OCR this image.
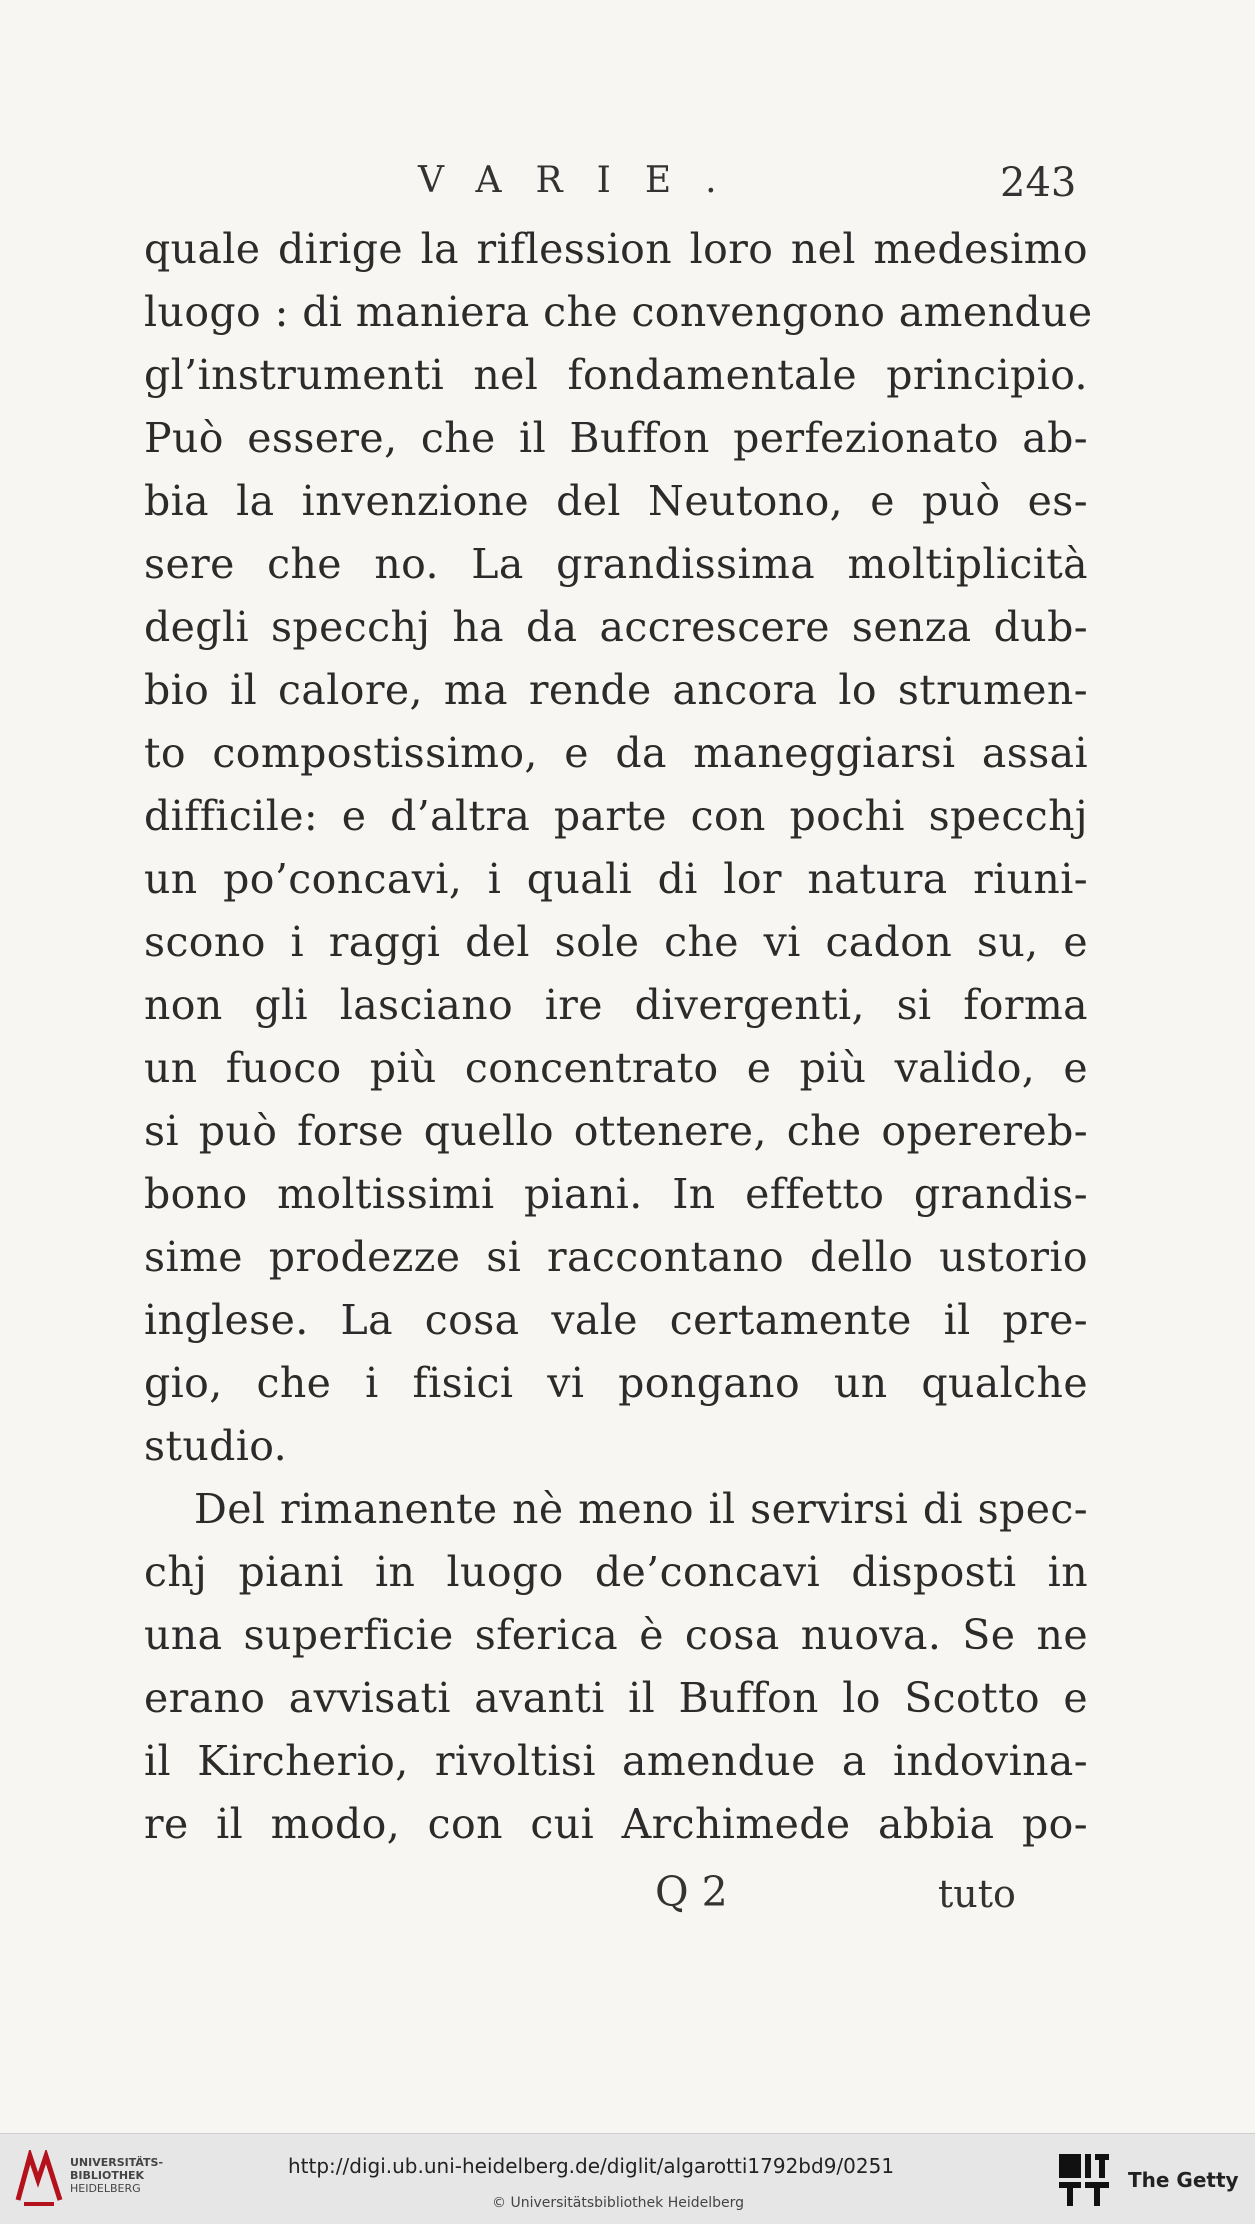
VARIE.	243
quale dirige la riflession loro nel medesimo
luogo : di maniera che convengono amendue
gl’instrumenti nel fondamentale principio.
Può essere, che il Buffon perfezionato ab-
bia la invenzione del Neutono, e può es-
sere che no. La grandissima moltiplicità
degli specchj ha da accrescere senza dub-
bio il calore, ma rende ancora lo strumen-
to compostissimo, e da maneggiarsi assai
difficile: e d’altra parte con pochi specchj
un po’concavi, i quali di lor natura riuni-
scono i raggi del sole che vi cadon su, e
non gli lasciano ire divergenti, si forma
un fuoco più concentrato e più valido, e
si può forse quello ottenere, che operereb-
bono moltissimi piani. In effetto grandis-
sime prodezze si raccontano dello ustorio
inglese. La cosa vale certamente il pre-
gio, che i fisici vi pongano un qualche
studio.
Del rimanente nè meno il servirsi di spec-
chj piani in luogo de’concavi disposti in
una superficie sferica è cosa nuova. Se ne
erano avvisati avanti il Buffon lo Scotto e
il Kircherio, rivoltisi amendue a indovina-
re il modo, con cui Archimede abbia po-
Q 2	tuto
UNIVERSITÄTS-
BIBLIOTHEK
HEIDELBERG
http://digi.ub.uni-heidelberg.de/diglit/algarotti1792bd9/0251
© Universitätsbibliothek Heidelberg
The Getty
